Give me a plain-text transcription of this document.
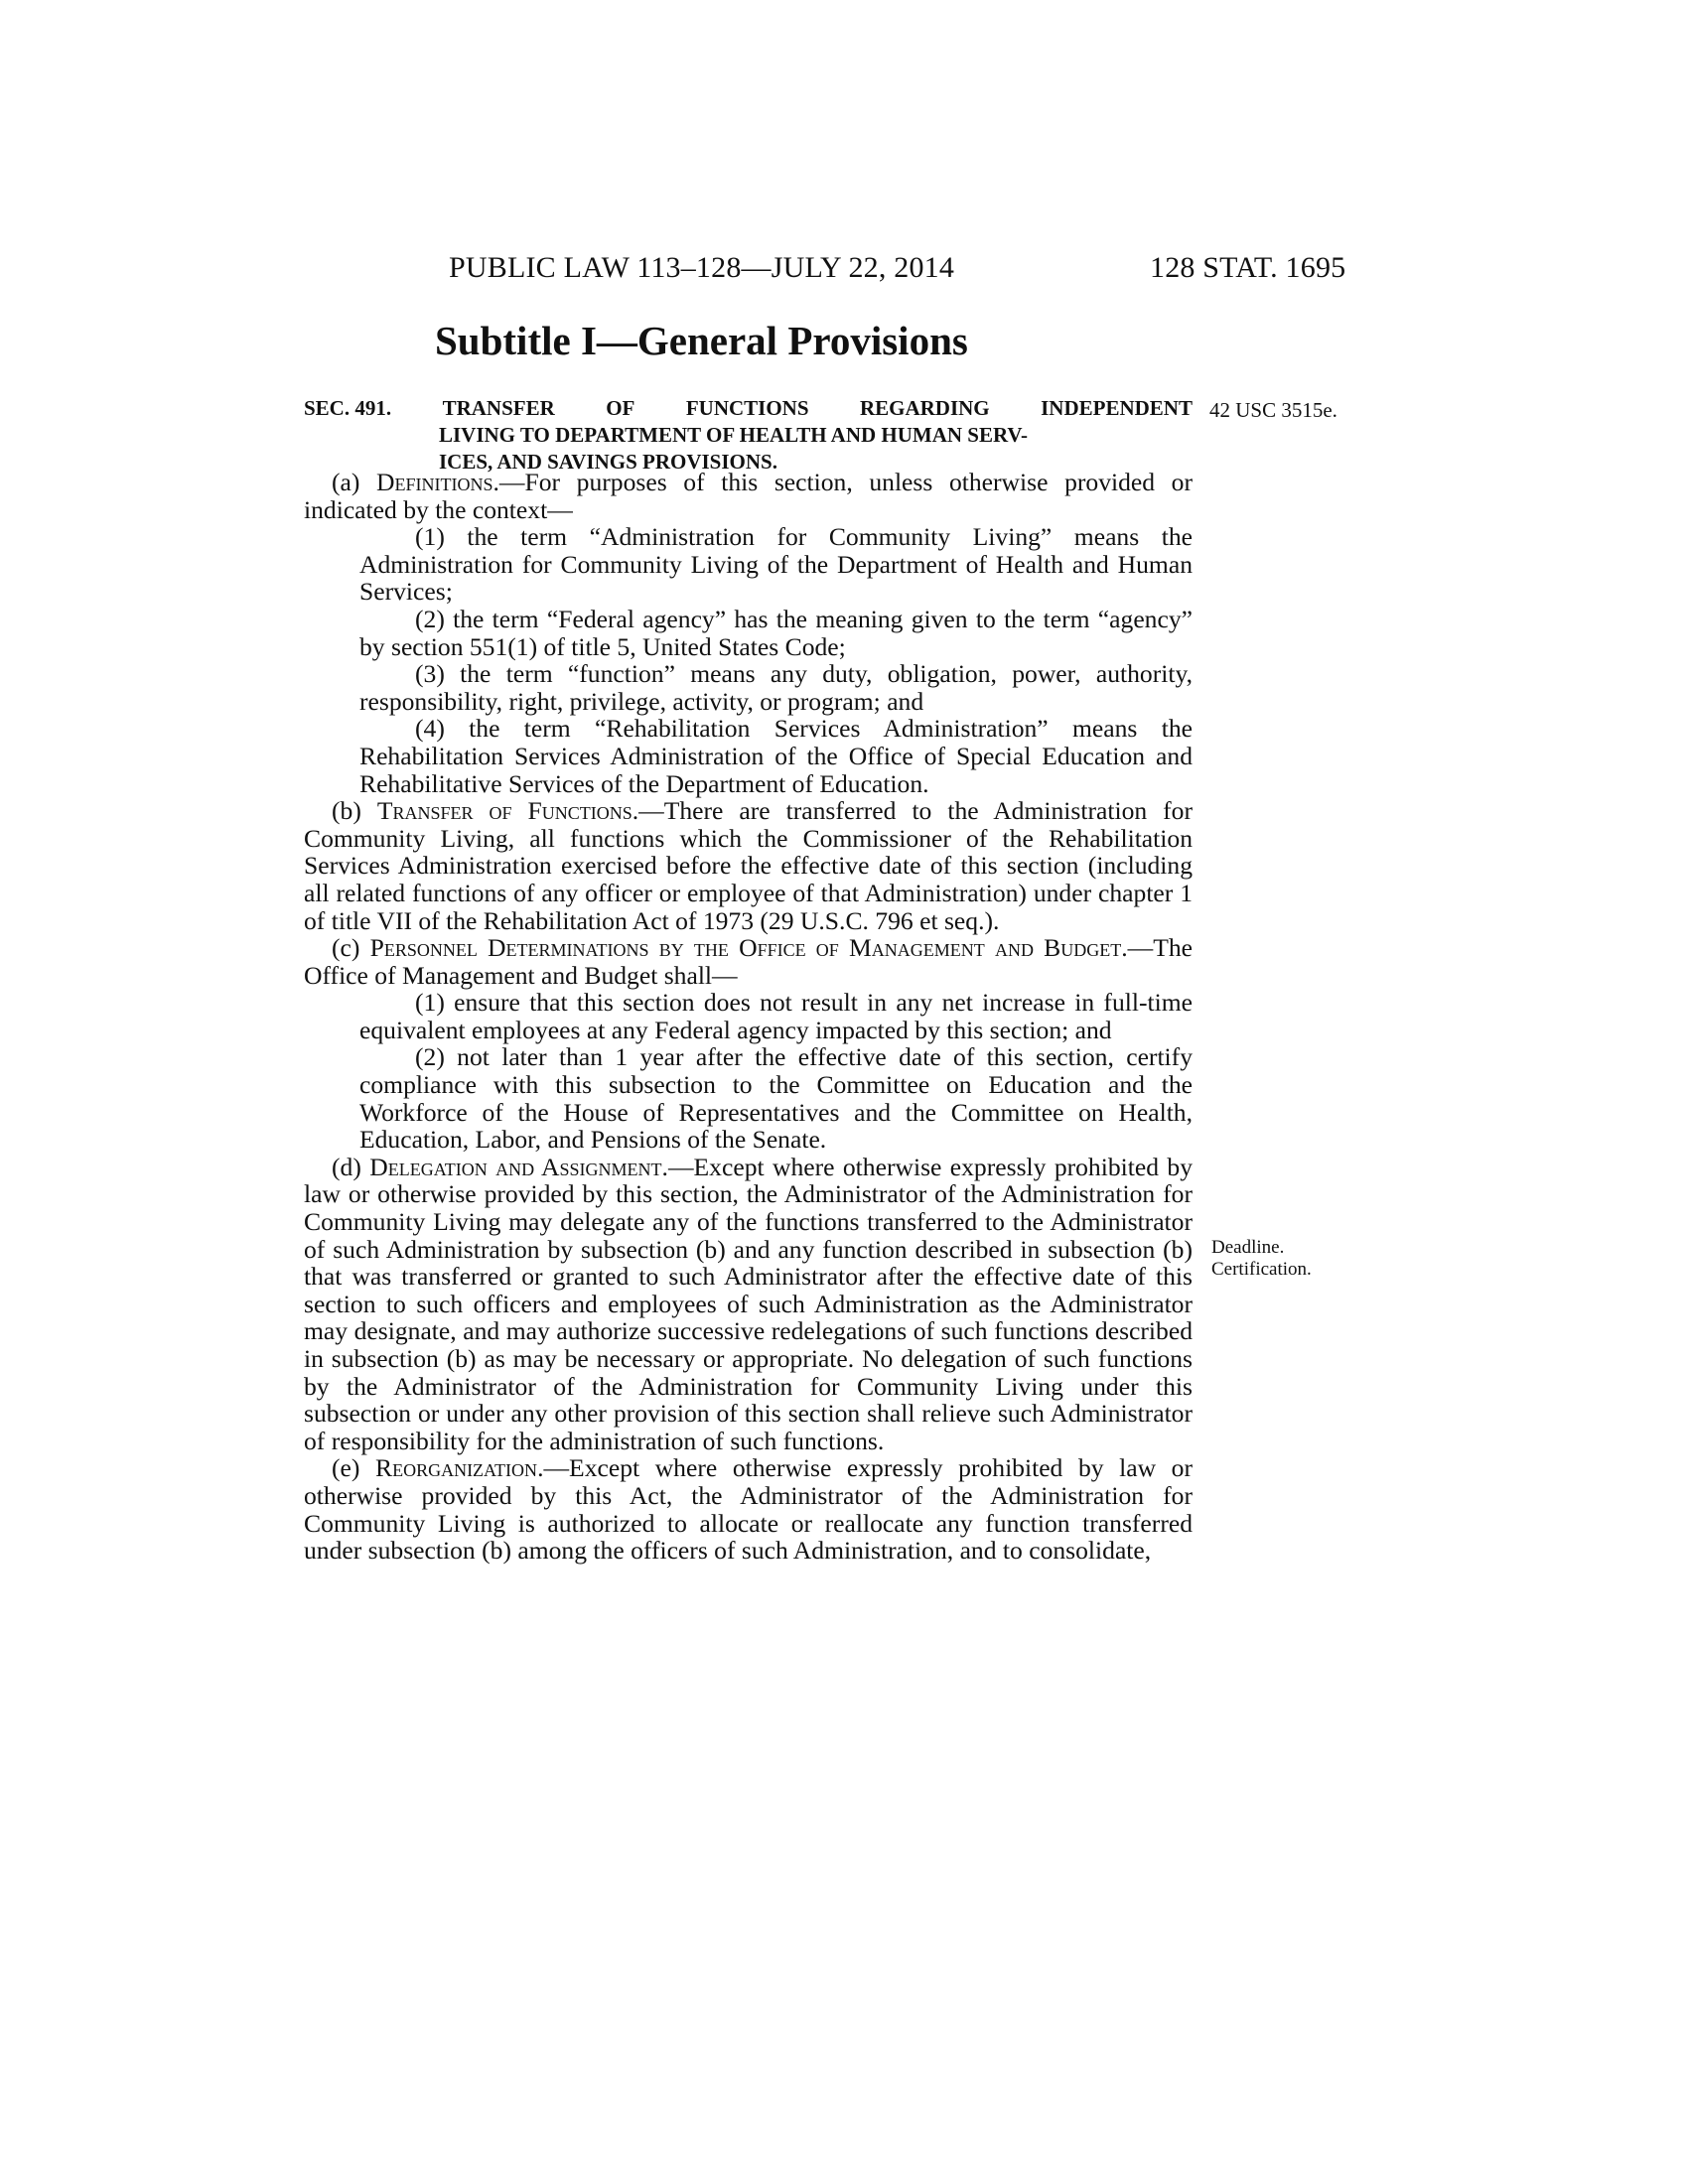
PUBLIC LAW 113–128—JULY 22, 2014	128 STAT. 1695
Subtitle I—General Provisions
SEC. 491. TRANSFER OF FUNCTIONS REGARDING INDEPENDENT
LIVING TO DEPARTMENT OF HEALTH AND HUMAN SERV-
ICES, AND SAVINGS PROVISIONS.
42 USC 3515e.
Deadline.
Certification.

(a) Definitions.—For purposes of this section, unless otherwise provided or indicated by the context—

(1) the term “Administration for Community Living” means the Administration for Community Living of the Department of Health and Human Services;

(2) the term “Federal agency” has the meaning given to the term “agency” by section 551(1) of title 5, United States Code;

(3) the term “function” means any duty, obligation, power, authority, responsibility, right, privilege, activity, or program; and

(4) the term “Rehabilitation Services Administration” means the Rehabilitation Services Administration of the Office of Special Education and Rehabilitative Services of the Department of Education.

(b) Transfer of Functions.—There are transferred to the Administration for Community Living, all functions which the Commissioner of the Rehabilitation Services Administration exercised before the effective date of this section (including all related functions of any officer or employee of that Administration) under chapter 1 of title VII of the Rehabilitation Act of 1973 (29 U.S.C. 796 et seq.).

(c) Personnel Determinations by the Office of Management and Budget.—The Office of Management and Budget shall—

(1) ensure that this section does not result in any net increase in full-time equivalent employees at any Federal agency impacted by this section; and

(2) not later than 1 year after the effective date of this section, certify compliance with this subsection to the Committee on Education and the Workforce of the House of Representatives and the Committee on Health, Education, Labor, and Pensions of the Senate.

(d) Delegation and Assignment.—Except where otherwise expressly prohibited by law or otherwise provided by this section, the Administrator of the Administration for Community Living may delegate any of the functions transferred to the Administrator of such Administration by subsection (b) and any function described in subsection (b) that was transferred or granted to such Administrator after the effective date of this section to such officers and employees of such Administration as the Administrator may designate, and may authorize successive redelegations of such functions described in subsection (b) as may be necessary or appropriate. No delegation of such functions by the Administrator of the Administration for Community Living under this subsection or under any other provision of this section shall relieve such Administrator of responsibility for the administration of such functions.

(e) Reorganization.—Except where otherwise expressly prohibited by law or otherwise provided by this Act, the Administrator of the Administration for Community Living is authorized to allocate or reallocate any function transferred under subsection (b) among the officers of such Administration, and to consolidate,
